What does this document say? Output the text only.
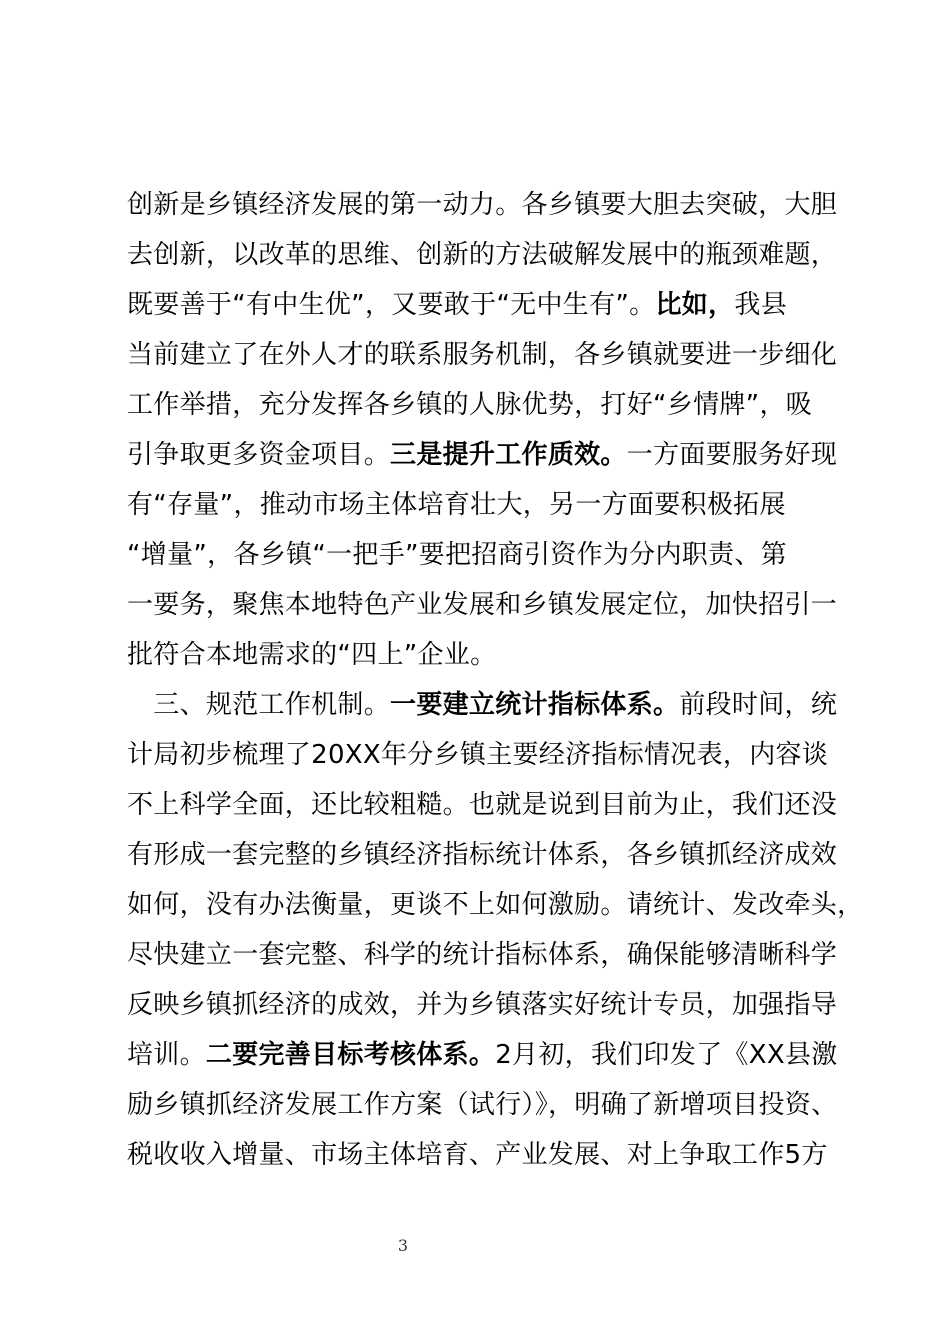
创新是乡镇经济发展的第一动力。各乡镇要大胆去突破，大胆
去创新，以改革的思维、创新的方法破解发展中的瓶颈难题，
既要善于“有中生优”，又要敢于“无中生有”。比如，我县
当前建立了在外人才的联系服务机制，各乡镇就要进一步细化
工作举措，充分发挥各乡镇的人脉优势，打好“乡情牌”，吸
引争取更多资金项目。三是提升工作质效。一方面要服务好现
有“存量”，推动市场主体培育壮大，另一方面要积极拓展
“增量”，各乡镇“一把手”要把招商引资作为分内职责、第
一要务，聚焦本地特色产业发展和乡镇发展定位，加快招引一
批符合本地需求的“四上”企业。
　三、规范工作机制。一要建立统计指标体系。前段时间，统
计局初步梳理了20XX年分乡镇主要经济指标情况表，内容谈
不上科学全面，还比较粗糙。也就是说到目前为止，我们还没
有形成一套完整的乡镇经济指标统计体系，各乡镇抓经济成效
如何，没有办法衡量，更谈不上如何激励。请统计、发改牵头，
尽快建立一套完整、科学的统计指标体系，确保能够清晰科学
反映乡镇抓经济的成效，并为乡镇落实好统计专员，加强指导
培训。二要完善目标考核体系。2月初，我们印发了《XX县激
励乡镇抓经济发展工作方案（试行）》，明确了新增项目投资、
税收收入增量、市场主体培育、产业发展、对上争取工作5方
3
